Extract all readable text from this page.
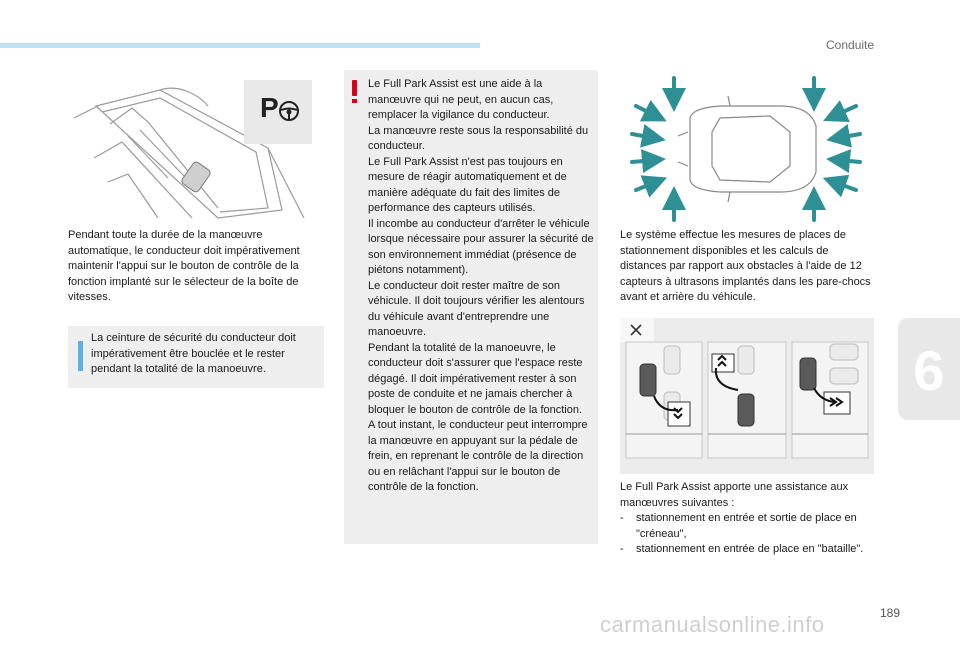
Conduite
P
Pendant toute la durée de la manœuvre automatique, le conducteur doit impérativement maintenir l'appui sur le bouton de contrôle de la fonction implanté sur le sélecteur de la boîte de vitesses.
La ceinture de sécurité du conducteur doit impérativement être bouclée et le rester pendant la totalité de la manoeuvre.

Le Full Park Assist est une aide à la manœuvre qui ne peut, en aucun cas, remplacer la vigilance du conducteur.

La manœuvre reste sous la responsabilité du conducteur.

Le Full Park Assist n'est pas toujours en mesure de réagir automatiquement et de manière adéquate du fait des limites de performance des capteurs utilisés.

Il incombe au conducteur d'arrêter le véhicule lorsque nécessaire pour assurer la sécurité de son environnement immédiat (présence de piétons notamment).

Le conducteur doit rester maître de son véhicule. Il doit toujours vérifier les alentours du véhicule avant d'entreprendre une manoeuvre.

Pendant la totalité de la manoeuvre, le conducteur doit s'assurer que l'espace reste dégagé. Il doit impérativement rester à son poste de conduite et ne jamais chercher à bloquer le bouton de contrôle de la fonction.

A tout instant, le conducteur peut interrompre la manœuvre en appuyant sur la pédale de frein, en reprenant le contrôle de la direction ou en relâchant l'appui sur le bouton de contrôle de la fonction.

Le système effectue les mesures de places de stationnement disponibles et les calculs de distances par rapport aux obstacles à l'aide de 12 capteurs à ultrasons implantés dans les pare-chocs avant et arrière du véhicule.

Le Full Park Assist apporte une assistance aux manœuvres suivantes :

- stationnement en entrée et sortie de place en "créneau",
- stationnement en entrée de place en "bataille".
6
189
carmanualsonline.info
